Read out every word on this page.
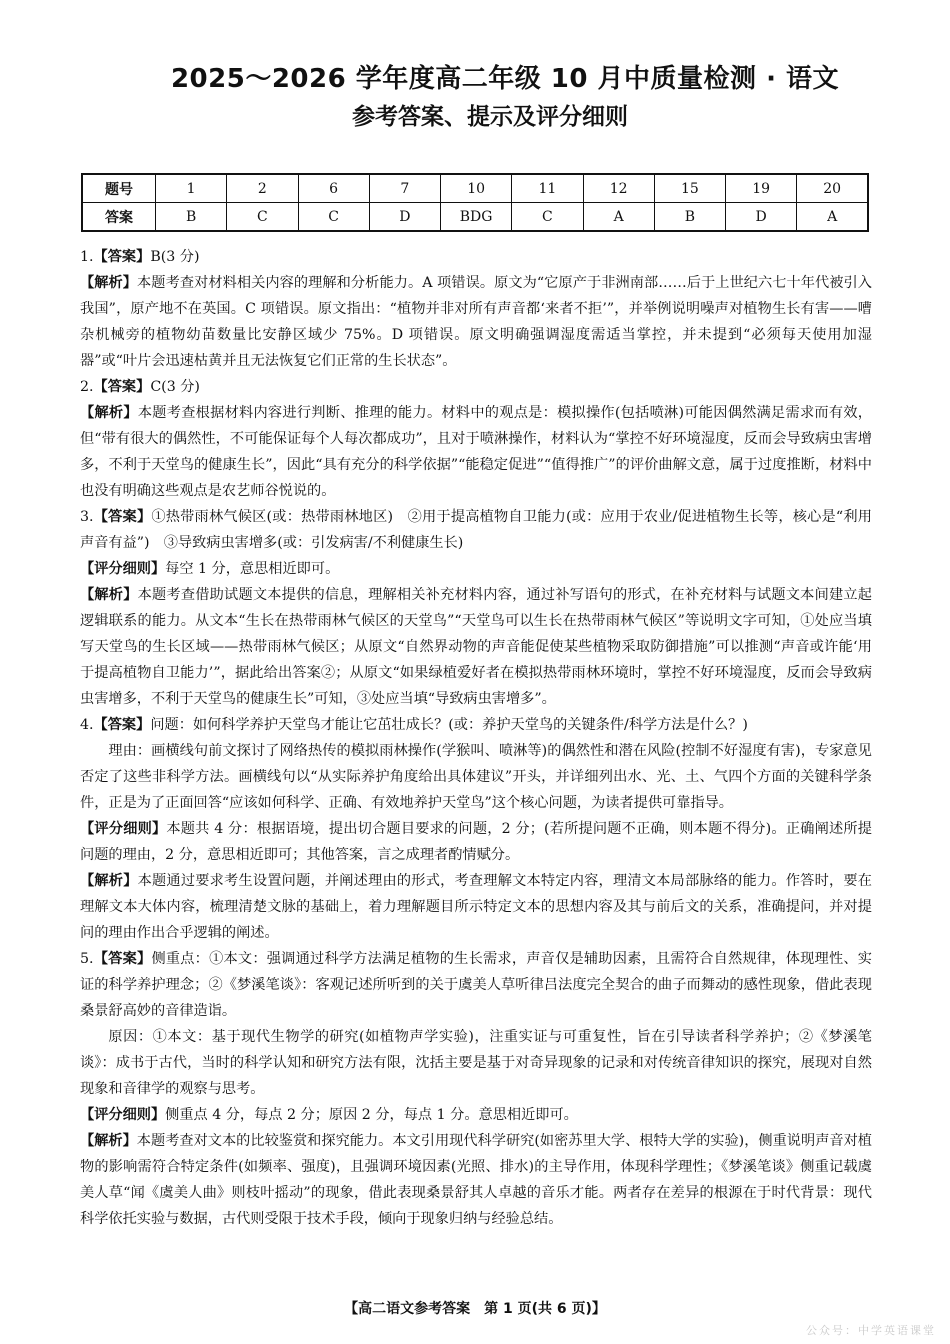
2025～2026 学年度高二年级 10 月中质量检测 · 语文
参考答案、提示及评分细则
题号	1	2	6	7	10	11	12	15	19	20
答案	B	C	C	D	BDG	C	A	B	D	A

1.【答案】B(3 分)

【解析】本题考查对材料相关内容的理解和分析能力。A 项错误。原文为“它原产于非洲南部……后于上世纪六七十年代被引入我国”，原产地不在英国。C 项错误。原文指出：“植物并非对所有声音都‘来者不拒’”，并举例说明噪声对植物生长有害——嘈杂机械旁的植物幼苗数量比安静区域少 75%。D 项错误。原文明确强调湿度需适当掌控，并未提到“必须每天使用加湿器”或“叶片会迅速枯黄并且无法恢复它们正常的生长状态”。

2.【答案】C(3 分)

【解析】本题考查根据材料内容进行判断、推理的能力。材料中的观点是：模拟操作(包括喷淋)可能因偶然满足需求而有效，但“带有很大的偶然性，不可能保证每个人每次都成功”，且对于喷淋操作，材料认为“掌控不好环境湿度，反而会导致病虫害增多，不利于天堂鸟的健康生长”，因此“具有充分的科学依据”“能稳定促进”“值得推广”的评价曲解文意，属于过度推断，材料中也没有明确这些观点是农艺师谷悦说的。

3.【答案】①热带雨林气候区(或：热带雨林地区)　②用于提高植物自卫能力(或：应用于农业/促进植物生长等，核心是“利用声音有益”)　③导致病虫害增多(或：引发病害/不利健康生长)

【评分细则】每空 1 分，意思相近即可。

【解析】本题考查借助试题文本提供的信息，理解相关补充材料内容，通过补写语句的形式，在补充材料与试题文本间建立起逻辑联系的能力。从文本“生长在热带雨林气候区的天堂鸟”“天堂鸟可以生长在热带雨林气候区”等说明文字可知，①处应当填写天堂鸟的生长区域——热带雨林气候区；从原文“自然界动物的声音能促使某些植物采取防御措施”可以推测“声音或许能‘用于提高植物自卫能力’”，据此给出答案②；从原文“如果绿植爱好者在模拟热带雨林环境时，掌控不好环境湿度，反而会导致病虫害增多，不利于天堂鸟的健康生长”可知，③处应当填“导致病虫害增多”。

4.【答案】问题：如何科学养护天堂鸟才能让它茁壮成长？(或：养护天堂鸟的关键条件/科学方法是什么？)

理由：画横线句前文探讨了网络热传的模拟雨林操作(学猴叫、喷淋等)的偶然性和潜在风险(控制不好湿度有害)，专家意见否定了这些非科学方法。画横线句以“从实际养护角度给出具体建议”开头，并详细列出水、光、土、气四个方面的关键科学条件，正是为了正面回答“应该如何科学、正确、有效地养护天堂鸟”这个核心问题，为读者提供可靠指导。

【评分细则】本题共 4 分：根据语境，提出切合题目要求的问题，2 分；(若所提问题不正确，则本题不得分)。正确阐述所提问题的理由，2 分，意思相近即可；其他答案，言之成理者酌情赋分。

【解析】本题通过要求考生设置问题，并阐述理由的形式，考查理解文本特定内容，理清文本局部脉络的能力。作答时，要在理解文本大体内容，梳理清楚文脉的基础上，着力理解题目所示特定文本的思想内容及其与前后文的关系，准确提问，并对提问的理由作出合乎逻辑的阐述。

5.【答案】侧重点：①本文：强调通过科学方法满足植物的生长需求，声音仅是辅助因素，且需符合自然规律，体现理性、实证的科学养护理念；②《梦溪笔谈》：客观记述所听到的关于虞美人草听律吕法度完全契合的曲子而舞动的感性现象，借此表现桑景舒高妙的音律造诣。

原因：①本文：基于现代生物学的研究(如植物声学实验)，注重实证与可重复性，旨在引导读者科学养护；②《梦溪笔谈》：成书于古代，当时的科学认知和研究方法有限，沈括主要是基于对奇异现象的记录和对传统音律知识的探究，展现对自然现象和音律学的观察与思考。

【评分细则】侧重点 4 分，每点 2 分；原因 2 分，每点 1 分。意思相近即可。

【解析】本题考查对文本的比较鉴赏和探究能力。本文引用现代科学研究(如密苏里大学、根特大学的实验)，侧重说明声音对植物的影响需符合特定条件(如频率、强度)，且强调环境因素(光照、排水)的主导作用，体现科学理性；《梦溪笔谈》侧重记载虞美人草“闻《虞美人曲》则枝叶摇动”的现象，借此表现桑景舒其人卓越的音乐才能。两者存在差异的根源在于时代背景：现代科学依托实验与数据，古代则受限于技术手段，倾向于现象归纳与经验总结。

【高二语文参考答案　第 1 页(共 6 页)】
公众号：中学英语课堂
